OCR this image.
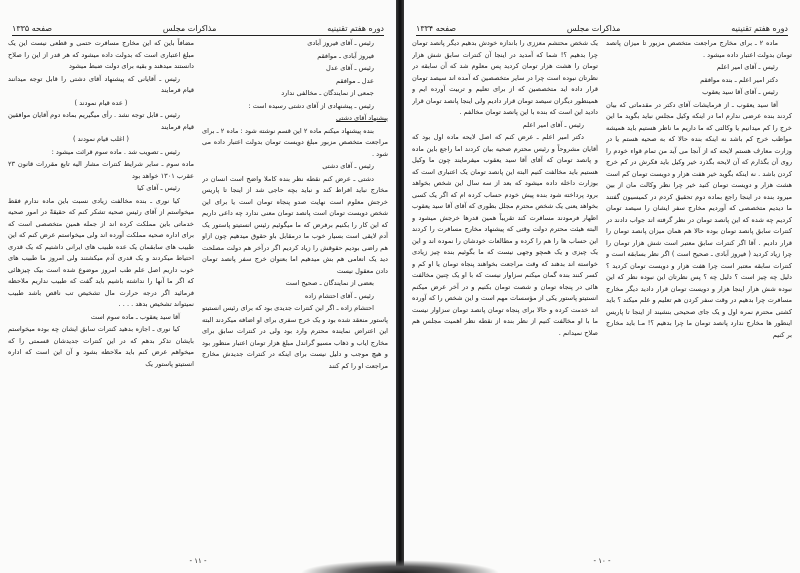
دوره هفتم تقنینیه
مذاکرات مجلس
صفحه ۱۳۳۵

رئیس ـ آقای فیروز آبادی

فیروز آبادی ـ موافقم

رئیس ـ آقای عدل

عدل ـ موافقم

جمعی از نمایندگان ـ مخالفی ندارد

رئیس ـ پیشنهادی از آقای دشتی رسیده است :

پیشنهاد آقای دشتی

بنده پیشنهاد میکنم ماده ۲ این قسم نوشته شود : ماده ۲ ـ برای مراجعت متخصص مزبور مبلغ دویست تومان بدولت اعتبار داده می شود .

رئیس ـ آقای دشتی

دشتی ـ عرض کنم نقطه نظر بنده کاملا واضح است انسان در مخارج نباید افراط کند و نباید بچه حاجی شد از اینجا تا پاریس خرجش معلوم است نهایت صدو پنجاه تومان است یا برای این شخص دویست تومان است پانصد تومان معنی ندارد چه داعی داریم که این کار را بکنیم برفرض که ما میگوئیم رئیس انستیتو پاستور یک آدم لایقی است بسیار خوب ما درمقابل باو حقوق میدهیم چون ازاو هم راضی بودیم حقوقش را زیاد کردیم اگر درآخر هم دولت مصلحت دید یک انعامی هم بش میدهیم اما بعنوان خرج سفر پانصد تومان دادن معقول نیست

بعضی از نمایندگان ـ صحیح است

رئیس ـ آقای احتشام زاده

احتشام زاده ـ اگر این کنترات جدیدی بود که برای رئیس انستیتو پاستور منعقد شده بود و یک خرج سفری برای او اضافه میکردند البته این اعتراض نماینده محترم وارد بود ولی در کنترات سابق برای مخارج ایاب و ذهاب مسیو گراندل مبلغ هزار تومان اعتبار منظور بود و هیچ موجب و دلیل نیست برای اینکه در کنترات جدیدش مخارج مراجعت او را کم کنند

مضافاً باین که این مخارج مسافرت حتمی و قطعی نیست این یک مبلغ اعتباری است که بدولت داده میشود که هر قدر از این را صلاح دانستند میدهند و بقیه برای دولت ضبط میشود

رئیس ـ آقایانی که پیشنهاد آقای دشتی را قابل توجه میدانند قیام فرمایند

( عده قیام نمودند )

رئیس ـ قابل توجه نشد . رأی میگیریم بماده دوم آقایان موافقین قیام فرمایند

( اغلب قیام نمودند )

رئیس ـ تصویب شد . ماده سوم قرائت میشود :

ماده سوم ـ سایر شرایط کنترات مشار الیه تابع مقررات قانون ۲۳ عقرب ۱۳۰۱ خواهد بود

رئیس ـ آقای کیا

کیا نوری ـ بنده مخالفت زیادی نسبت باین ماده ندارم فقط میخواستم از آقای رئیس صحیه تشکر کنم که حقیقةً در امور صحیه خدماتی باین مملکت کرده اند از جمله همین متخصصی است که برای اداره صحیه مملکت آورده اند ولی میخواستم عرض کنم که این طبیب های سابقمان یک عده طبیب های ایرانی داشتیم که یک قدری احتیاط میکردند و یک قدری آدم میکشتند ولی امروز ما طبیب های خوب داریم اصل علم طب امروز موضوع شده است بیک چیزهائی که اگر ما آنها را نداشته باشیم باید گفت که طبیب نداریم ملاحظه فرمائید اگر درجه حرارت مال تشخیص تب ناقص باشد طبیب نمیتواند تشخیص بدهد . . . .

آقا سید یعقوب ـ ماده سوم است

کیا نوری ـ اجازه بدهید کنترات سابق ایشان چه بوده میخواستم بایشان تذکر بدهم که در این کنترات جدیدشان قسمتی را که میخواهم عرض کنم باید ملاحظه بشود و آن این است که اداره انستیتو پاستور یک

- ۱۱ -
دوره هفتم تقنینیه
مذاکرات مجلس
صفحه ۱۳۳۴

ماده ۲ ـ برای مخارج مراجعت متخصص مزبور تا میزان پانصد تومان بدولت اعتبار داده میشود .

رئیس ـ آقای امیر اعلم

دکتر امیر اعلم ـ بنده موافقم

رئیس ـ آقای آقا سید یعقوب

آقا سید یعقوب ـ از فرمایشات آقای دکتر در مقدماتی که بیان کردند بنده عرضی ندارم اما در اینکه وکیل مجلس نباید بگوید ما این خرج را کم میدانیم یا وکالتی که ما داریم ما ناظر هستیم باید همیشه مواظب خرج کم باشد نه اینکه بنده حالا که به صحیه هستم یا در وزارت معارف هستم لایحه که از آنجا می آید من تمام قواء خودم را روی آن بگذارم که آن لایحه بگذرد خیر وکیل باید فکرش در کم خرج کردن باشد . نه اینکه بگوید خیر هفت هزار و دویست تومان کم است هشت هزار و دویست تومان کنید خیر چرا نظر وکالت مان از بین میرود بنده در اینجا راجع بماده دوم تحقیق کردم در کمیسیون گفتند ما دیدیم متخصصی که آوردیم مخارج سفر ایشان را سیصد تومان کردیم چه شده که این پانصد تومان در نظر گرفته اند جواب دادند در کنترات سابق پانصد تومان بوده حالا هم همان میزان پانصد تومان را قرار دادیم . آقا اگر کنترات سابق معتبر است شش هزار تومان را چرا زیاد کردید ( فیروز آبادی ـ صحیح است ) اگر نظر بسابقه است و کنترات سابقه معتبر است چرا هفت هزار و دویست تومان کردید ؟ دلیل چه چیز است ؟ دلیل چه ؟ پس نظرتان این نبوده نظر که این نبوده شش هزار اینجا هزار و دویست تومان قرار دادید دیگر مخارج مسافرت چرا بدهیم در وقت سفر کردن هم تعلیم و علم میکند ؟ باید کشتی محترم نمره اول و یک جای صحیحی بنشیند از اینجا تا پاریس اینطور ها مخارج ندارد پانصد تومان ما چرا بدهیم ؟! مـا باید مخارج بر کنیم

یک شخص محتشم معززی را باندازه خودش بدهیم دیگر پانصد تومان چرا بدهیم ؟! شما که آمدید در اینجا آن کنترات سابق شش هزار تومان را هشت هزار تومان کردید پس معلوم شد که آن سابقه در نظرتان نبوده است چرا در سایر متخصصین که آمده اند سیصد تومان قرار داده اید متخصصین که از برای تعلیم و تربیت آورده ایم و همینطور دیگران سیصد تومان قرار دادیم ولی اینجا پانصد تومان قرار دادید این است که بنده با این پانصد تومان مخالفم .

رئیس ـ آقای امیر اعلم

دکتر امیر اعلم ـ عرض کنم که اصل لایحه ماده اول بود که آقایان مشروحاً و رئیس محترم صحیه بیان کردند اما راجع باین ماده و پانصد تومان که آقای آقا سید یعقوب میفرمایند چون ما وکیل هستیم باید مخالفت کنیم البته این پانصد تومان یک اعتباری است که بوزارت داخله داده میشود که بعد از سه سال این شخص بخواهد برود پرداخته شود بنده پیش خودم حساب کرده ام که اگر یک کسی بخواهد یعنی یک شخص محترم مجلل بطوری که آقای آقا سید یعقوب اظهار فرمودند مسافرت کند تقریباً همین قدرها خرجش میشود و البته هیئت محترم دولت وقتی که پیشنهاد مخارج مسافرت را کردند این حساب ها را هم را کرده و مطالعات خودشان را نموده اند و این یک چیزی و یک همچو وجهی نیست که ما بگوئیم بنده چیز زیادی خواسته اند بدهند که وقت مراجعت بخواهند پنجاه تومان یا او کم و کسر کنند بنده گمان میکنم سزاوار نیست که با او یک چنین مخالفت هائی در پنجاه تومان و شصت تومان بکنیم و در آخر عرض میکنم انستیتو پاستور یکی از مؤسسات مهم است و این شخص را که آورده اند خدمت کرده و حالا برای پنجاه تومان پانصد تومان سزاوار نیست ما با او مخالفت کنیم از نظر بنده از نقطه نظر اهمیت مجلس هم صلاح نمیدانم .

- ۱۰ -
